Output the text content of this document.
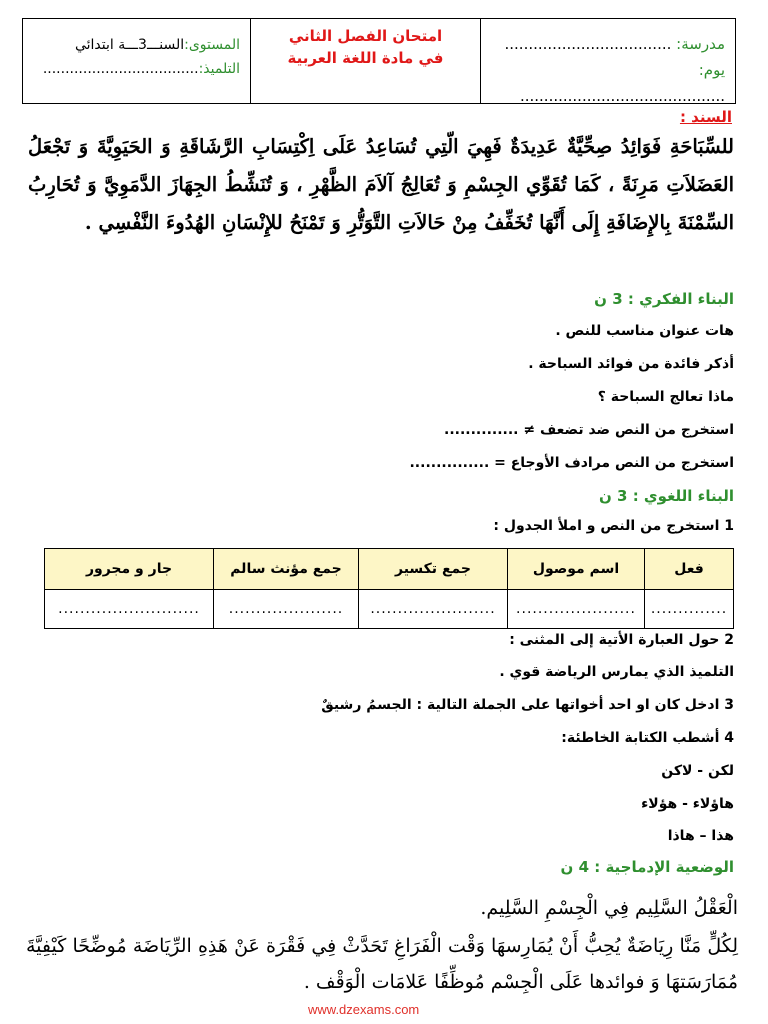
مدرسة: ...................................
يوم: ...........................................
امتحان الفصل الثاني
في مادة اللغة العربية
المستوى:السنـــ3ـــة ابتدائي
التلميذ:...................................
السند :
للسِّبَاحَةِ فَوَائِدُ صِحِّيَّةٌ عَدِيدَةٌ فَهِيَ الّتِي تُسَاعِدُ عَلَى اِكْتِسَابِ الرَّشَاقَةِ وَ الحَيَوِيَّةَ وَ تَجْعَلُ العَضَلاَتِ مَرِنَةً ، كَمَا تُقَوِّي الجِسْمِ وَ تُعَالِجُ آلاَمَ الظَّهْرِ ، وَ تُنَشِّطُ الجِهَازَ الدَّمَوِيَّ وَ تُحَارِبُ السِّمْنَةَ بِالإِضَافَةِ إِلَى أَنَّهَا تُخَفِّفُ مِنْ حَالاَتِ التَّوَتُّرِ وَ تَمْنَحُ للإِنْسَانِ الهُدُوءَ النَّفْسِي .
البناء الفكري : 3 ن
هات عنوان مناسب للنص .
أذكر فائدة من فوائد السباحة .
ماذا تعالج السباحة ؟
استخرج من النص ضد تضعف ≠ ..............
استخرج من النص مرادف الأوجاع = ...............
البناء اللغوي : 3 ن
1 استخرج من النص و املأ الجدول :
فعل	اسم موصول	جمع تكسير	جمع مؤنث سالم	جار و مجرور
..............	......................	.......................	.....................	..........................
2 حول العبارة الأتية إلى المثنى :
التلميذ الذي يمارس الرياضة قوي .
3 ادخل كان او احد أخواتها على الجملة التالية : الجسمُ رشيقٌ
4 أشطب الكتابة الخاطئة:
لكن - لاكن
هاؤلاء - هؤلاء
هذا – هاذا
الوضعية الإدماجية : 4 ن
الْعَقْلُ السَّلِيم فِي الْجِسْمِ السَّلِيم.
لِكُلٍّ مَنَّا رِيَاضَةٌ يُحِبُّ أَنْ يُمَارِسهَا وَقْت الْفَرَاغِ تَحَدَّثْ فِي فَقْرَة عَنْ هَذِهِ الرِّيَاضَة مُوضِّحًا كَيْفِيَّةَ مُمَارَسَتهَا وَ فوائدها عَلَى الْجِسْم مُوظِّفًا عَلامَات الْوَقْف .
www.dzexams.com
